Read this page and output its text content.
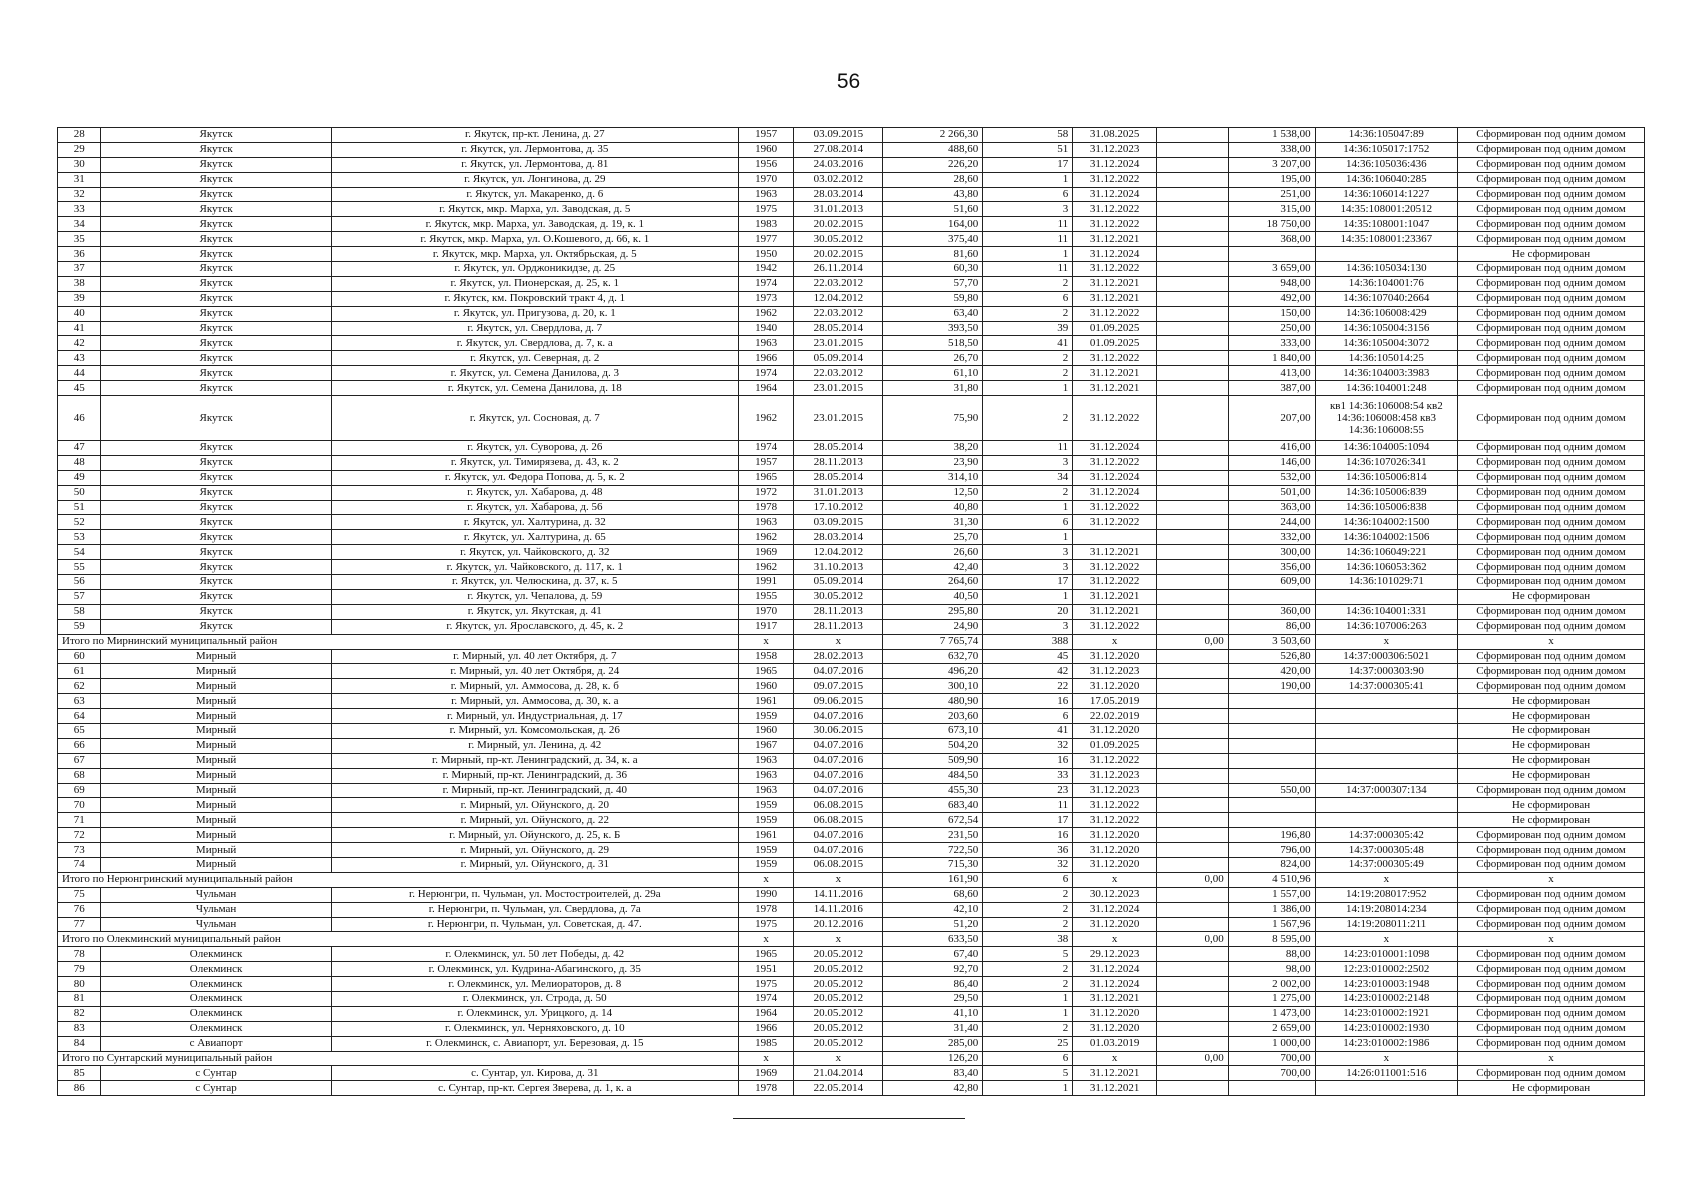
56
28	Якутск	г. Якутск, пр-кт. Ленина, д. 27	1957	03.09.2015	2 266,30	58	31.08.2025		1 538,00	14:36:105047:89	Сформирован под одним домом
29	Якутск	г. Якутск, ул. Лермонтова, д. 35	1960	27.08.2014	488,60	51	31.12.2023		338,00	14:36:105017:1752	Сформирован под одним домом
30	Якутск	г. Якутск, ул. Лермонтова, д. 81	1956	24.03.2016	226,20	17	31.12.2024		3 207,00	14:36:105036:436	Сформирован под одним домом
31	Якутск	г. Якутск, ул. Лонгинова, д. 29	1970	03.02.2012	28,60	1	31.12.2022		195,00	14:36:106040:285	Сформирован под одним домом
32	Якутск	г. Якутск, ул. Макаренко, д. 6	1963	28.03.2014	43,80	6	31.12.2024		251,00	14:36:106014:1227	Сформирован под одним домом
33	Якутск	г. Якутск, мкр. Марха, ул. Заводская, д. 5	1975	31.01.2013	51,60	3	31.12.2022		315,00	14:35:108001:20512	Сформирован под одним домом
34	Якутск	г. Якутск, мкр. Марха, ул. Заводская, д. 19, к. 1	1983	20.02.2015	164,00	11	31.12.2022		18 750,00	14:35:108001:1047	Сформирован под одним домом
35	Якутск	г. Якутск, мкр. Марха, ул. О.Кошевого, д. 66, к. 1	1977	30.05.2012	375,40	11	31.12.2021		368,00	14:35:108001:23367	Сформирован под одним домом
36	Якутск	г. Якутск, мкр. Марха, ул. Октябрьская, д. 5	1950	20.02.2015	81,60	1	31.12.2024				Не сформирован
37	Якутск	г. Якутск, ул. Орджоникидзе, д. 25	1942	26.11.2014	60,30	11	31.12.2022		3 659,00	14:36:105034:130	Сформирован под одним домом
38	Якутск	г. Якутск, ул. Пионерская, д. 25, к. 1	1974	22.03.2012	57,70	2	31.12.2021		948,00	14:36:104001:76	Сформирован под одним домом
39	Якутск	г. Якутск, км. Покровский тракт 4, д. 1	1973	12.04.2012	59,80	6	31.12.2021		492,00	14:36:107040:2664	Сформирован под одним домом
40	Якутск	г. Якутск, ул. Пригузова, д. 20, к. 1	1962	22.03.2012	63,40	2	31.12.2022		150,00	14:36:106008:429	Сформирован под одним домом
41	Якутск	г. Якутск, ул. Свердлова, д. 7	1940	28.05.2014	393,50	39	01.09.2025		250,00	14:36:105004:3156	Сформирован под одним домом
42	Якутск	г. Якутск, ул. Свердлова, д. 7, к. а	1963	23.01.2015	518,50	41	01.09.2025		333,00	14:36:105004:3072	Сформирован под одним домом
43	Якутск	г. Якутск, ул. Северная, д. 2	1966	05.09.2014	26,70	2	31.12.2022		1 840,00	14:36:105014:25	Сформирован под одним домом
44	Якутск	г. Якутск, ул. Семена Данилова, д. 3	1974	22.03.2012	61,10	2	31.12.2021		413,00	14:36:104003:3983	Сформирован под одним домом
45	Якутск	г. Якутск, ул. Семена Данилова, д. 18	1964	23.01.2015	31,80	1	31.12.2021		387,00	14:36:104001:248	Сформирован под одним домом
46	Якутск	г. Якутск, ул. Сосновая, д. 7	1962	23.01.2015	75,90	2	31.12.2022		207,00	кв1 14:36:106008:54 кв2 14:36:106008:458 кв3 14:36:106008:55	Сформирован под одним домом
47	Якутск	г. Якутск, ул. Суворова, д. 26	1974	28.05.2014	38,20	11	31.12.2024		416,00	14:36:104005:1094	Сформирован под одним домом
48	Якутск	г. Якутск, ул. Тимирязева, д. 43, к. 2	1957	28.11.2013	23,90	3	31.12.2022		146,00	14:36:107026:341	Сформирован под одним домом
49	Якутск	г. Якутск, ул. Федора Попова, д. 5, к. 2	1965	28.05.2014	314,10	34	31.12.2024		532,00	14:36:105006:814	Сформирован под одним домом
50	Якутск	г. Якутск, ул. Хабарова, д. 48	1972	31.01.2013	12,50	2	31.12.2024		501,00	14:36:105006:839	Сформирован под одним домом
51	Якутск	г. Якутск, ул. Хабарова, д. 56	1978	17.10.2012	40,80	1	31.12.2022		363,00	14:36:105006:838	Сформирован под одним домом
52	Якутск	г. Якутск, ул. Халтурина, д. 32	1963	03.09.2015	31,30	6	31.12.2022		244,00	14:36:104002:1500	Сформирован под одним домом
53	Якутск	г. Якутск, ул. Халтурина, д. 65	1962	28.03.2014	25,70	1			332,00	14:36:104002:1506	Сформирован под одним домом
54	Якутск	г. Якутск, ул. Чайковского, д. 32	1969	12.04.2012	26,60	3	31.12.2021		300,00	14:36:106049:221	Сформирован под одним домом
55	Якутск	г. Якутск, ул. Чайковского, д. 117, к. 1	1962	31.10.2013	42,40	3	31.12.2022		356,00	14:36:106053:362	Сформирован под одним домом
56	Якутск	г. Якутск, ул. Челюскина, д. 37, к. 5	1991	05.09.2014	264,60	17	31.12.2022		609,00	14:36:101029:71	Сформирован под одним домом
57	Якутск	г. Якутск, ул. Чепалова, д. 59	1955	30.05.2012	40,50	1	31.12.2021				Не сформирован
58	Якутск	г. Якутск, ул. Якутская, д. 41	1970	28.11.2013	295,80	20	31.12.2021		360,00	14:36:104001:331	Сформирован под одним домом
59	Якутск	г. Якутск, ул. Ярославского, д. 45, к. 2	1917	28.11.2013	24,90	3	31.12.2022		86,00	14:36:107006:263	Сформирован под одним домом
Итого по Мирнинский муниципальный район			х	х	7 765,74	388	х	0,00	3 503,60	х	х
60	Мирный	г. Мирный, ул. 40 лет Октября, д. 7	1958	28.02.2013	632,70	45	31.12.2020		526,80	14:37:000306:5021	Сформирован под одним домом
61	Мирный	г. Мирный, ул. 40 лет Октября, д. 24	1965	04.07.2016	496,20	42	31.12.2023		420,00	14:37:000303:90	Сформирован под одним домом
62	Мирный	г. Мирный, ул. Аммосова, д. 28, к. б	1960	09.07.2015	300,10	22	31.12.2020		190,00	14:37:000305:41	Сформирован под одним домом
63	Мирный	г. Мирный, ул. Аммосова, д. 30, к. а	1961	09.06.2015	480,90	16	17.05.2019				Не сформирован
64	Мирный	г. Мирный, ул. Индустриальная, д. 17	1959	04.07.2016	203,60	6	22.02.2019				Не сформирован
65	Мирный	г. Мирный, ул. Комсомольская, д. 26	1960	30.06.2015	673,10	41	31.12.2020				Не сформирован
66	Мирный	г. Мирный, ул. Ленина, д. 42	1967	04.07.2016	504,20	32	01.09.2025				Не сформирован
67	Мирный	г. Мирный, пр-кт. Ленинградский, д. 34, к. а	1963	04.07.2016	509,90	16	31.12.2022				Не сформирован
68	Мирный	г. Мирный, пр-кт. Ленинградский, д. 36	1963	04.07.2016	484,50	33	31.12.2023				Не сформирован
69	Мирный	г. Мирный, пр-кт. Ленинградский, д. 40	1963	04.07.2016	455,30	23	31.12.2023		550,00	14:37:000307:134	Сформирован под одним домом
70	Мирный	г. Мирный, ул. Ойунского, д. 20	1959	06.08.2015	683,40	11	31.12.2022				Не сформирован
71	Мирный	г. Мирный, ул. Ойунского, д. 22	1959	06.08.2015	672,54	17	31.12.2022				Не сформирован
72	Мирный	г. Мирный, ул. Ойунского, д. 25, к. Б	1961	04.07.2016	231,50	16	31.12.2020		196,80	14:37:000305:42	Сформирован под одним домом
73	Мирный	г. Мирный, ул. Ойунского, д. 29	1959	04.07.2016	722,50	36	31.12.2020		796,00	14:37:000305:48	Сформирован под одним домом
74	Мирный	г. Мирный, ул. Ойунского, д. 31	1959	06.08.2015	715,30	32	31.12.2020		824,00	14:37:000305:49	Сформирован под одним домом
Итого по Нерюнгринский муниципальный район			х	х	161,90	6	х	0,00	4 510,96	х	х
75	Чульман	г. Нерюнгри, п. Чульман, ул. Мостостроителей, д. 29а	1990	14.11.2016	68,60	2	30.12.2023		1 557,00	14:19:208017:952	Сформирован под одним домом
76	Чульман	г. Нерюнгри, п. Чульман, ул. Свердлова, д. 7а	1978	14.11.2016	42,10	2	31.12.2024		1 386,00	14:19:208014:234	Сформирован под одним домом
77	Чульман	г. Нерюнгри, п. Чульман, ул. Советская, д. 47.	1975	20.12.2016	51,20	2	31.12.2020		1 567,96	14:19:208011:211	Сформирован под одним домом
Итого по Олекминский муниципальный район			х	х	633,50	38	х	0,00	8 595,00	х	х
78	Олекминск	г. Олекминск, ул. 50 лет Победы, д. 42	1965	20.05.2012	67,40	5	29.12.2023		88,00	14:23:010001:1098	Сформирован под одним домом
79	Олекминск	г. Олекминск, ул. Кудрина-Абагинского, д. 35	1951	20.05.2012	92,70	2	31.12.2024		98,00	12:23:010002:2502	Сформирован под одним домом
80	Олекминск	г. Олекминск, ул. Мелиораторов, д. 8	1975	20.05.2012	86,40	2	31.12.2024		2 002,00	14:23:010003:1948	Сформирован под одним домом
81	Олекминск	г. Олекминск, ул. Строда, д. 50	1974	20.05.2012	29,50	1	31.12.2021		1 275,00	14:23:010002:2148	Сформирован под одним домом
82	Олекминск	г. Олекминск, ул. Урицкого, д. 14	1964	20.05.2012	41,10	1	31.12.2020		1 473,00	14:23:010002:1921	Сформирован под одним домом
83	Олекминск	г. Олекминск, ул. Черняховского, д. 10	1966	20.05.2012	31,40	2	31.12.2020		2 659,00	14:23:010002:1930	Сформирован под одним домом
84	с Авиапорт	г. Олекминск, с. Авиапорт, ул. Березовая, д. 15	1985	20.05.2012	285,00	25	01.03.2019		1 000,00	14:23:010002:1986	Сформирован под одним домом
Итого по Сунтарский муниципальный район			х	х	126,20	6	х	0,00	700,00	х	х
85	с Сунтар	с. Сунтар, ул. Кирова, д. 31	1969	21.04.2014	83,40	5	31.12.2021		700,00	14:26:011001:516	Сформирован под одним домом
86	с Сунтар	с. Сунтар, пр-кт. Сергея Зверева, д. 1, к. а	1978	22.05.2014	42,80	1	31.12.2021				Не сформирован
